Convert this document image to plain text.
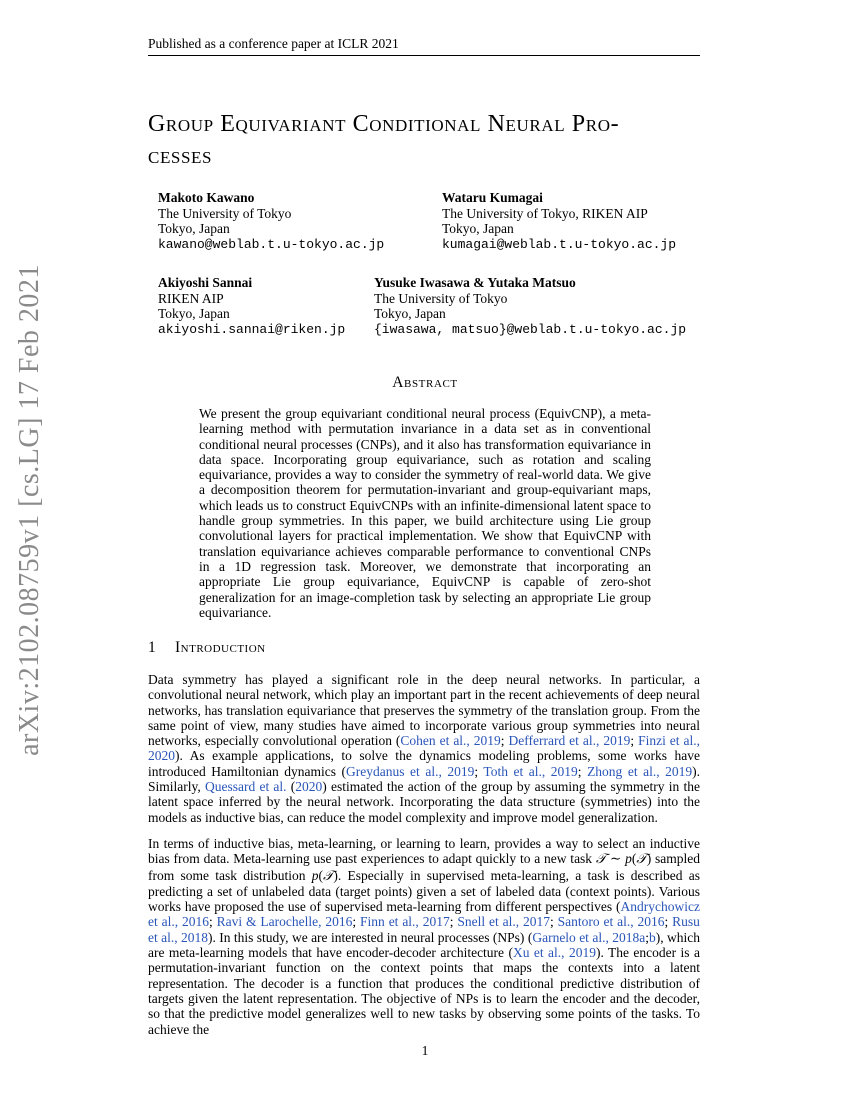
Published as a conference paper at ICLR 2021
arXiv:2102.08759v1 [cs.LG] 17 Feb 2021
Group Equivariant Conditional Neural Pro-
cesses
Makoto Kawano
The University of Tokyo
Tokyo, Japan
kawano@weblab.t.u-tokyo.ac.jp
Wataru Kumagai
The University of Tokyo, RIKEN AIP
Tokyo, Japan
kumagai@weblab.t.u-tokyo.ac.jp
Akiyoshi Sannai
RIKEN AIP
Tokyo, Japan
akiyoshi.sannai@riken.jp
Yusuke Iwasawa & Yutaka Matsuo
The University of Tokyo
Tokyo, Japan
{iwasawa, matsuo}@weblab.t.u-tokyo.ac.jp
Abstract

We present the group equivariant conditional neural process (EquivCNP), a meta-learning method with permutation invariance in a data set as in conventional conditional neural processes (CNPs), and it also has transformation equivariance in data space. Incorporating group equivariance, such as rotation and scaling equivariance, provides a way to consider the symmetry of real-world data. We give a decomposition theorem for permutation-invariant and group-equivariant maps, which leads us to construct EquivCNPs with an infinite-dimensional latent space to handle group symmetries. In this paper, we build architecture using Lie group convolutional layers for practical implementation. We show that EquivCNP with translation equivariance achieves comparable performance to conventional CNPs in a 1D regression task. Moreover, we demonstrate that incorporating an appropriate Lie group equivariance, EquivCNP is capable of zero-shot generalization for an image-completion task by selecting an appropriate Lie group equivariance.

1 Introduction

Data symmetry has played a significant role in the deep neural networks. In particular, a convolutional neural network, which play an important part in the recent achievements of deep neural networks, has translation equivariance that preserves the symmetry of the translation group. From the same point of view, many studies have aimed to incorporate various group symmetries into neural networks, especially convolutional operation (Cohen et al., 2019; Defferrard et al., 2019; Finzi et al., 2020). As example applications, to solve the dynamics modeling problems, some works have introduced Hamiltonian dynamics (Greydanus et al., 2019; Toth et al., 2019; Zhong et al., 2019). Similarly, Quessard et al. (2020) estimated the action of the group by assuming the symmetry in the latent space inferred by the neural network. Incorporating the data structure (symmetries) into the models as inductive bias, can reduce the model complexity and improve model generalization.

In terms of inductive bias, meta-learning, or learning to learn, provides a way to select an inductive bias from data. Meta-learning use past experiences to adapt quickly to a new task 𝒯 ∼ p(𝒯) sampled from some task distribution p(𝒯). Especially in supervised meta-learning, a task is described as predicting a set of unlabeled data (target points) given a set of labeled data (context points). Various works have proposed the use of supervised meta-learning from different perspectives (Andrychowicz et al., 2016; Ravi & Larochelle, 2016; Finn et al., 2017; Snell et al., 2017; Santoro et al., 2016; Rusu et al., 2018). In this study, we are interested in neural processes (NPs) (Garnelo et al., 2018a;b), which are meta-learning models that have encoder-decoder architecture (Xu et al., 2019). The encoder is a permutation-invariant function on the context points that maps the contexts into a latent representation. The decoder is a function that produces the conditional predictive distribution of targets given the latent representation. The objective of NPs is to learn the encoder and the decoder, so that the predictive model generalizes well to new tasks by observing some points of the tasks. To achieve the

1
